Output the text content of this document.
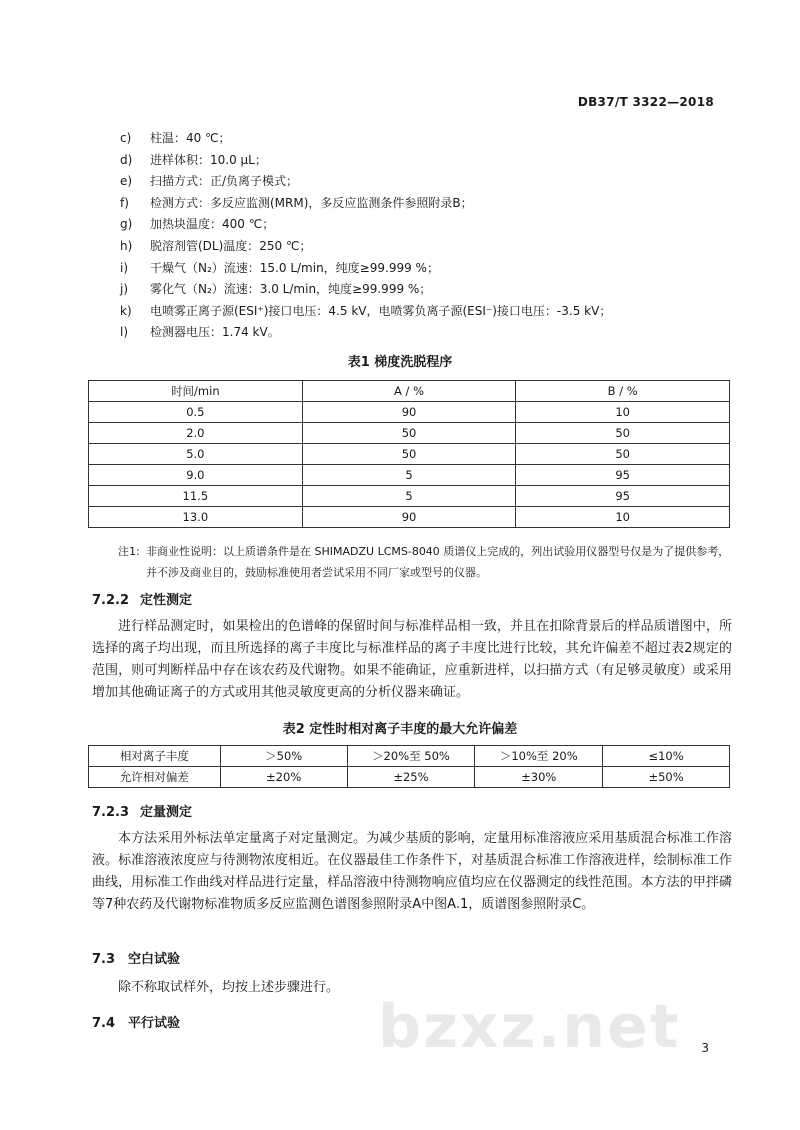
DB37/T 3322—2018
c) 柱温：40 ℃；
d) 进样体积：10.0 μL；
e) 扫描方式：正/负离子模式；
f) 检测方式：多反应监测(MRM)，多反应监测条件参照附录B；
g) 加热块温度：400 ℃；
h) 脱溶剂管(DL)温度：250 ℃；
i) 干燥气（N₂）流速：15.0 L/min，纯度≥99.999 %；
j) 雾化气（N₂）流速：3.0 L/min，纯度≥99.999 %；
k) 电喷雾正离子源(ESI⁺)接口电压：4.5 kV，电喷雾负离子源(ESI⁻)接口电压：-3.5 kV；
l) 检测器电压：1.74 kV。
表1 梯度洗脱程序
时间/min	A / %	B / %
0.5	90	10
2.0	50	50
5.0	50	50
9.0	5	95
11.5	5	95
13.0	90	10
注1: 非商业性说明：以上质谱条件是在 SHIMADZU LCMS-8040 质谱仪上完成的，列出试验用仪器型号仅是为了提供参考，并不涉及商业目的，鼓励标准使用者尝试采用不同厂家或型号的仪器。
7.2.2 定性测定
进行样品测定时，如果检出的色谱峰的保留时间与标准样品相一致，并且在扣除背景后的样品质谱图中，所选择的离子均出现，而且所选择的离子丰度比与标准样品的离子丰度比进行比较，其允许偏差不超过表2规定的范围，则可判断样品中存在该农药及代谢物。如果不能确证，应重新进样，以扫描方式（有足够灵敏度）或采用增加其他确证离子的方式或用其他灵敏度更高的分析仪器来确证。
表2 定性时相对离子丰度的最大允许偏差
相对离子丰度	＞50%	＞20%至 50%	＞10%至 20%	≤10%
允许相对偏差	±20%	±25%	±30%	±50%
7.2.3 定量测定
本方法采用外标法单定量离子对定量测定。为减少基质的影响，定量用标准溶液应采用基质混合标准工作溶液。标准溶液浓度应与待测物浓度相近。在仪器最佳工作条件下，对基质混合标准工作溶液进样，绘制标准工作曲线，用标准工作曲线对样品进行定量，样品溶液中待测物响应值均应在仪器测定的线性范围。本方法的甲拌磷等7种农药及代谢物标准物质多反应监测色谱图参照附录A中图A.1，质谱图参照附录C。
7.3 空白试验
除不称取试样外，均按上述步骤进行。
7.4 平行试验	bzxz.net 3
